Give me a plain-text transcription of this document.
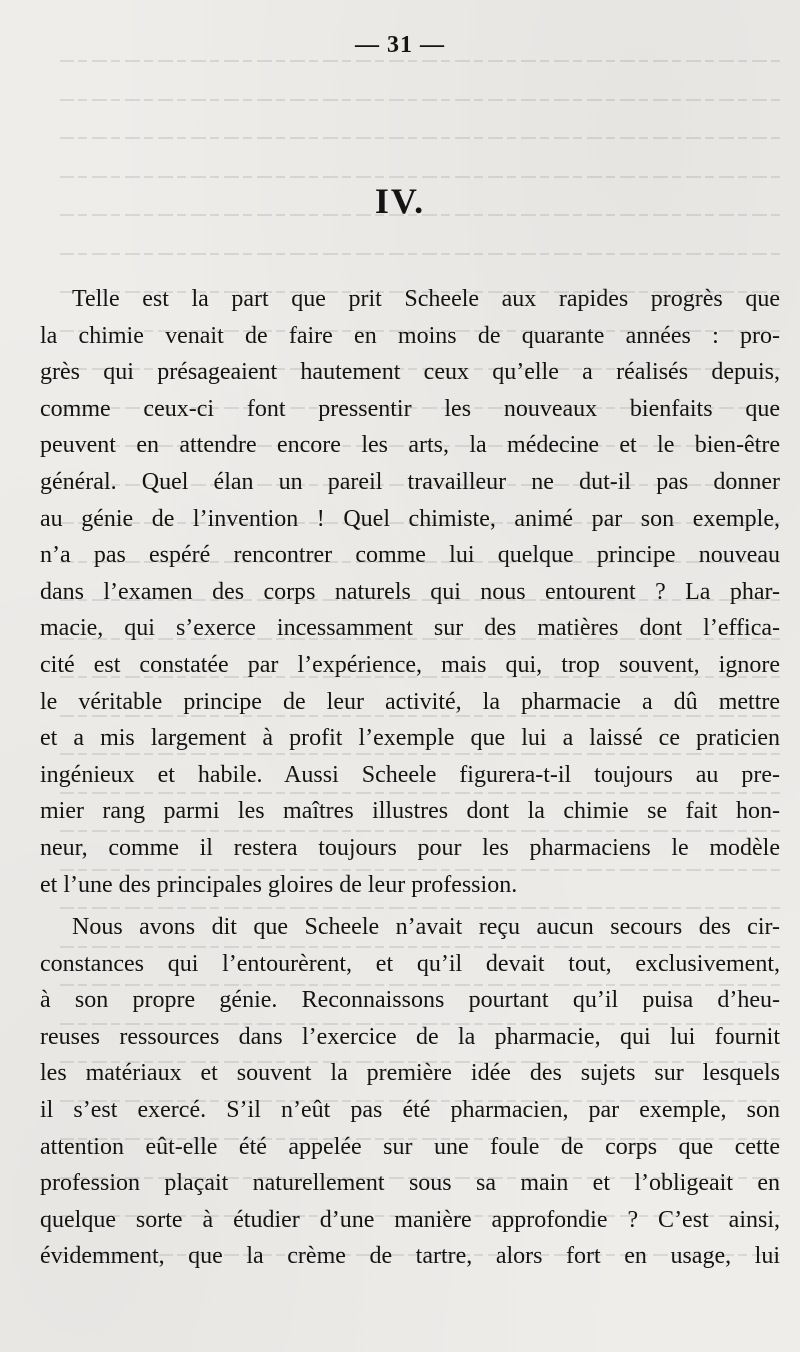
— 31 —
IV.
Telle est la part que prit Scheele aux rapides progrès que
la chimie venait de faire en moins de quarante années : pro-
grès qui présageaient hautement ceux qu’elle a réalisés depuis,
comme ceux-ci font pressentir les nouveaux bienfaits que
peuvent en attendre encore les arts, la médecine et le bien-être
général. Quel élan un pareil travailleur ne dut-il pas donner
au génie de l’invention ! Quel chimiste, animé par son exemple,
n’a pas espéré rencontrer comme lui quelque principe nouveau
dans l’examen des corps naturels qui nous entourent ? La phar-
macie, qui s’exerce incessamment sur des matières dont l’effica-
cité est constatée par l’expérience, mais qui, trop souvent, ignore
le véritable principe de leur activité, la pharmacie a dû mettre
et a mis largement à profit l’exemple que lui a laissé ce praticien
ingénieux et habile. Aussi Scheele figurera-t-il toujours au pre-
mier rang parmi les maîtres illustres dont la chimie se fait hon-
neur, comme il restera toujours pour les pharmaciens le modèle
et l’une des principales gloires de leur profession.
Nous avons dit que Scheele n’avait reçu aucun secours des cir-
constances qui l’entourèrent, et qu’il devait tout, exclusivement,
à son propre génie. Reconnaissons pourtant qu’il puisa d’heu-
reuses ressources dans l’exercice de la pharmacie, qui lui fournit
les matériaux et souvent la première idée des sujets sur lesquels
il s’est exercé. S’il n’eût pas été pharmacien, par exemple, son
attention eût-elle été appelée sur une foule de corps que cette
profession plaçait naturellement sous sa main et l’obligeait en
quelque sorte à étudier d’une manière approfondie ? C’est ainsi,
évidemment, que la crème de tartre, alors fort en usage, lui
